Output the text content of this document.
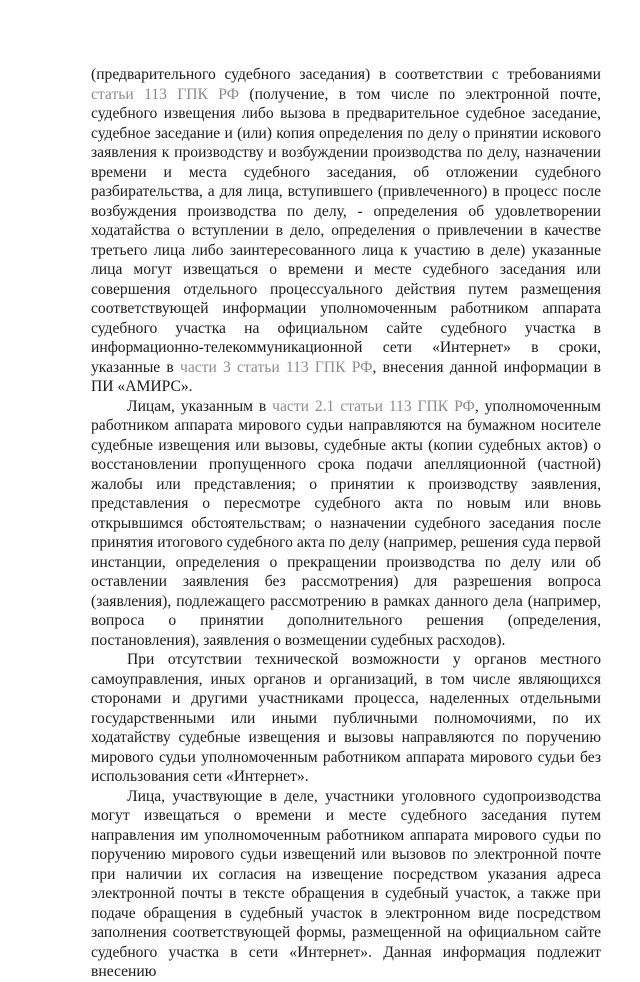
(предварительного судебного заседания) в соответствии с требованиями статьи 113 ГПК РФ (получение, в том числе по электронной почте, судебного извещения либо вызова в предварительное судебное заседание, судебное заседание и (или) копия определения по делу о принятии искового заявления к производству и возбуждении производства по делу, назначении времени и места судебного заседания, об отложении судебного разбирательства, а для лица, вступившего (привлеченного) в процесс после возбуждения производства по делу, - определения об удовлетворении ходатайства о вступлении в дело, определения о привлечении в качестве третьего лица либо заинтересованного лица к участию в деле) указанные лица могут извещаться о времени и месте судебного заседания или совершения отдельного процессуального действия путем размещения соответствующей информации уполномоченным работником аппарата судебного участка на официальном сайте судебного участка в информационно-телекоммуникационной сети «Интернет» в сроки, указанные в части 3 статьи 113 ГПК РФ, внесения данной информации в ПИ «АМИРС».

Лицам, указанным в части 2.1 статьи 113 ГПК РФ, уполномоченным работником аппарата мирового судьи направляются на бумажном носителе судебные извещения или вызовы, судебные акты (копии судебных актов) о восстановлении пропущенного срока подачи апелляционной (частной) жалобы или представления; о принятии к производству заявления, представления о пересмотре судебного акта по новым или вновь открывшимся обстоятельствам; о назначении судебного заседания после принятия итогового судебного акта по делу (например, решения суда первой инстанции, определения о прекращении производства по делу или об оставлении заявления без рассмотрения) для разрешения вопроса (заявления), подлежащего рассмотрению в рамках данного дела (например, вопроса о принятии дополнительного решения (определения, постановления), заявления о возмещении судебных расходов).

При отсутствии технической возможности у органов местного самоуправления, иных органов и организаций, в том числе являющихся сторонами и другими участниками процесса, наделенных отдельными государственными или иными публичными полномочиями, по их ходатайству судебные извещения и вызовы направляются по поручению мирового судьи уполномоченным работником аппарата мирового судьи без использования сети «Интернет».

Лица, участвующие в деле, участники уголовного судопроизводства могут извещаться о времени и месте судебного заседания путем направления им уполномоченным работником аппарата мирового судьи по поручению мирового судьи извещений или вызовов по электронной почте при наличии их согласия на извещение посредством указания адреса электронной почты в тексте обращения в судебный участок, а также при подаче обращения в судебный участок в электронном виде посредством заполнения соответствующей формы, размещенной на официальном сайте судебного участка в сети «Интернет». Данная информация подлежит внесению
